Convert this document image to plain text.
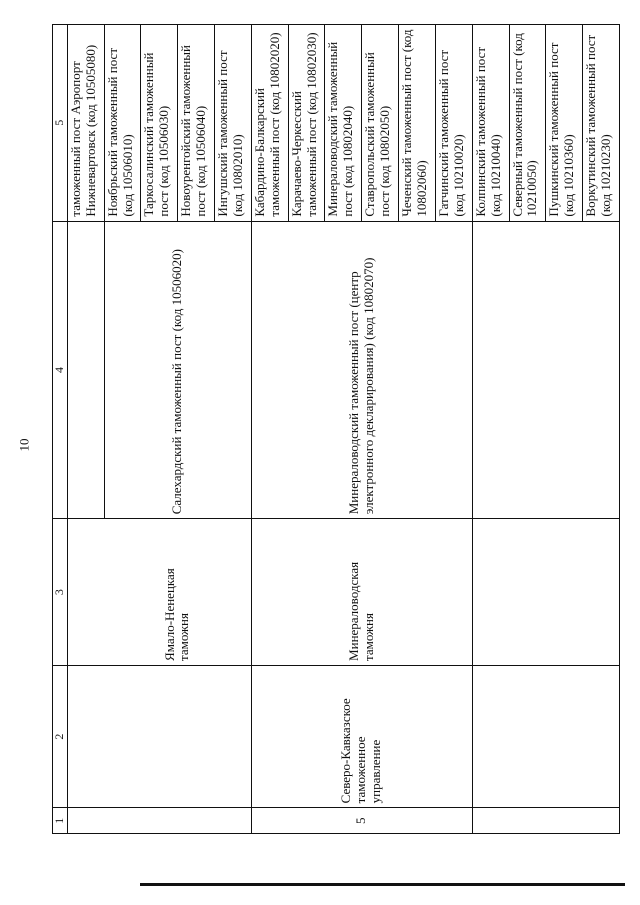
10
1	2	3	4	5
				таможенный пост Аэропорт Нижневартовск (код 10505080)
		Ямало-Ненецкая таможня	Салехардский таможенный пост (код 10506020)	Ноябрьский таможенный пост (код 10506010)
				Таркосалинский таможенный пост (код 10506030)
				Новоуренгойский таможенный пост (код 10506040)
				Ингушский таможенный пост (код 10802010)
5	Северо-Кавказское таможенное управление	Минераловодская таможня	Минераловодский таможенный пост (центр электронного декларирования) (код 10802070)	Кабардино-Балкарский таможенный пост (код 10802020)
				Карачаево-Черкесский таможенный пост (код 10802030)
				Минераловодский таможенный пост (код 10802040)
				Ставропольский таможенный пост (код 10802050)
				Чеченский таможенный пост (код 10802060)
				Гатчинский таможенный пост (код 10210020)
				Колпинский таможенный пост (код 10210040)
				Северный таможенный пост (код 10210050)
				Пушкинский таможенный пост (код 10210360)
				Воркутинский таможенный пост (код 10210230)
